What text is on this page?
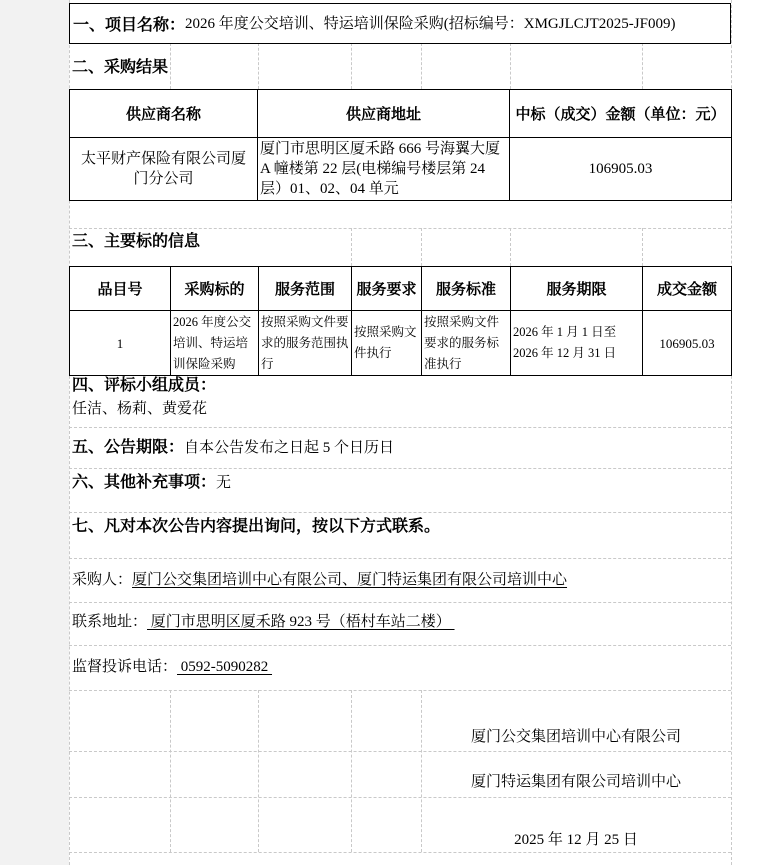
一、项目名称： 2026 年度公交培训、特运培训保险采购(招标编号：XMGJLCJT2025-JF009)
二、采购结果
供应商名称	供应商地址	中标（成交）金额（单位：元）
太平财产保险有限公司厦门分公司	厦门市思明区厦禾路 666 号海翼大厦 A 幢楼第 22 层(电梯编号楼层第 24 层）01、02、04 单元	106905.03
三、主要标的信息
品目号	采购标的	服务范围	服务要求	服务标准	服务期限	成交金额
1	2026 年度公交培训、特运培训保险采购	按照采购文件要求的服务范围执行	按照采购文件执行	按照采购文件要求的服务标准执行	2026 年 1 月 1 日至 2026 年 12 月 31 日	106905.03
四、评标小组成员：
任洁、杨莉、黄爱花
五、公告期限：自本公告发布之日起 5 个日历日
六、其他补充事项：无
七、凡对本次公告内容提出询问，按以下方式联系。
采购人：厦门公交集团培训中心有限公司、厦门特运集团有限公司培训中心
联系地址： 厦门市思明区厦禾路 923 号（梧村车站二楼）
监督投诉电话： 0592-5090282
厦门公交集团培训中心有限公司
厦门特运集团有限公司培训中心
2025 年 12 月 25 日
